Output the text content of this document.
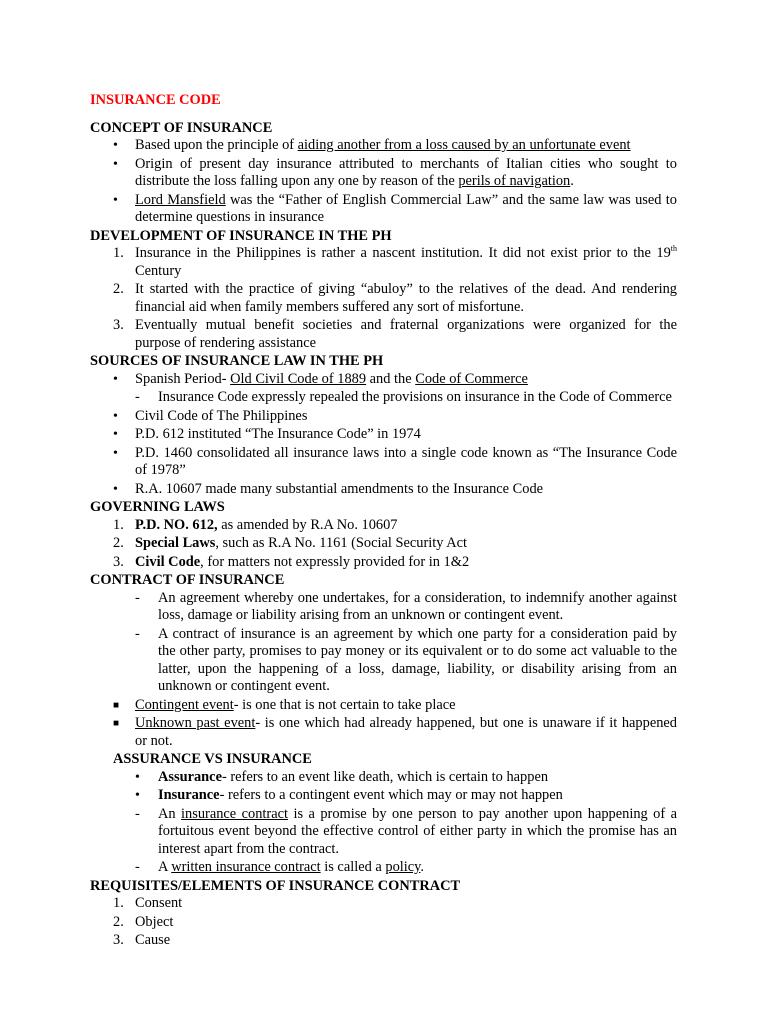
INSURANCE CODE

CONCEPT OF INSURANCE

• Based upon the principle of aiding another from a loss caused by an unfortunate event
• Origin of present day insurance attributed to merchants of Italian cities who sought to distribute the loss falling upon any one by reason of the perils of navigation.
• Lord Mansfield was the “Father of English Commercial Law” and the same law was used to determine questions in insurance

DEVELOPMENT OF INSURANCE IN THE PH

1. Insurance in the Philippines is rather a nascent institution. It did not exist prior to the 19th Century
2. It started with the practice of giving “abuloy” to the relatives of the dead. And rendering financial aid when family members suffered any sort of misfortune.
3. Eventually mutual benefit societies and fraternal organizations were organized for the purpose of rendering assistance

SOURCES OF INSURANCE LAW IN THE PH

• Spanish Period- Old Civil Code of 1889 and the Code of Commerce
- Insurance Code expressly repealed the provisions on insurance in the Code of Commerce
• Civil Code of The Philippines
• P.D. 612 instituted “The Insurance Code” in 1974
• P.D. 1460 consolidated all insurance laws into a single code known as “The Insurance Code of 1978”
• R.A. 10607 made many substantial amendments to the Insurance Code

GOVERNING LAWS

1. P.D. NO. 612, as amended by R.A No. 10607
2. Special Laws, such as R.A No. 1161 (Social Security Act
3. Civil Code, for matters not expressly provided for in 1&2

CONTRACT OF INSURANCE

- An agreement whereby one undertakes, for a consideration, to indemnify another against loss, damage or liability arising from an unknown or contingent event.
- A contract of insurance is an agreement by which one party for a consideration paid by the other party, promises to pay money or its equivalent or to do some act valuable to the latter, upon the happening of a loss, damage, liability, or disability arising from an unknown or contingent event.
■ Contingent event- is one that is not certain to take place
■ Unknown past event- is one which had already happened, but one is unaware if it happened or not.

ASSURANCE VS INSURANCE

• Assurance- refers to an event like death, which is certain to happen
• Insurance- refers to a contingent event which may or may not happen
- An insurance contract is a promise by one person to pay another upon happening of a fortuitous event beyond the effective control of either party in which the promise has an interest apart from the contract.
- A written insurance contract is called a policy.

REQUISITES/ELEMENTS OF INSURANCE CONTRACT

1. Consent
2. Object
3. Cause
